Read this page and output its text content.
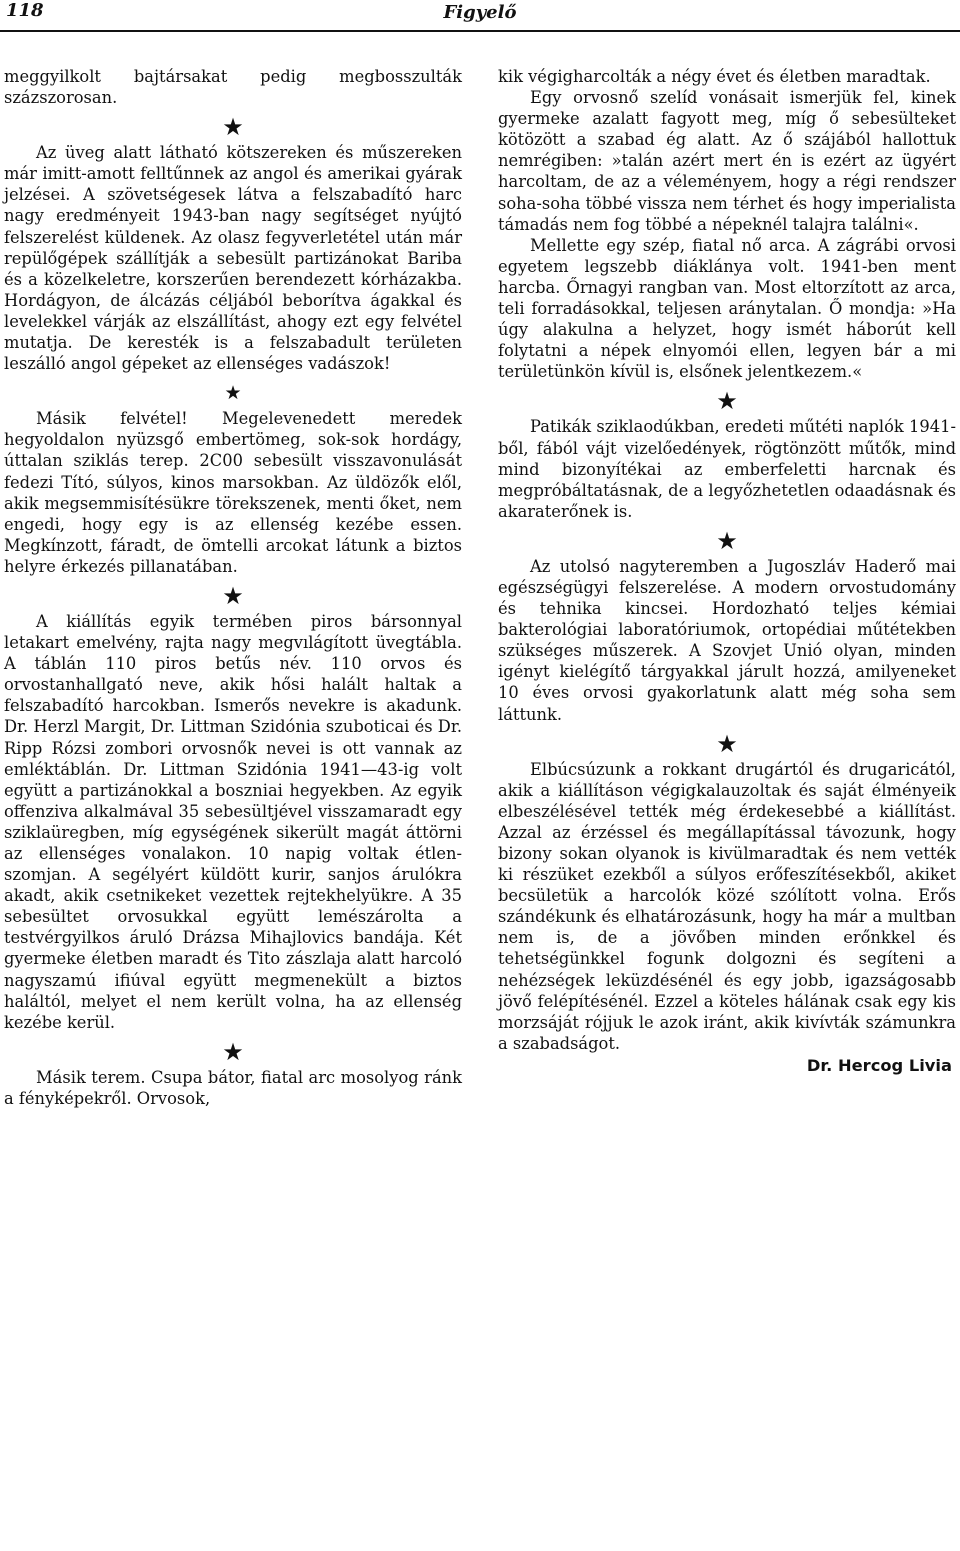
118	Figyelő

meggyilkolt bajtársakat pedig megbosszulták százszorosan.

★

Az üveg alatt látható kötszereken és műszereken már imitt-amott felltűnnek az angol és amerikai gyárak jelzései. A szövetségesek látva a felszabadító harc nagy eredményeit 1943-ban nagy segítséget nyújtó felszerelést küldenek. Az olasz fegyverletétel után már repülőgépek szállítják a sebesült partizánokat Bariba és a közelkeletre, korszerűen berendezett kórházakba. Hordágyon, de álcázás céljából beborítva ágakkal és levelekkel várják az elszállítást, ahogy ezt egy felvétel mutatja. De keresték is a felszabadult területen leszálló angol gépeket az ellenséges vadászok!

★

Másik felvétel! Megelevenedett meredek hegyoldalon nyüzsgő embertömeg, sok-sok hordágy, úttalan sziklás terep. 2C00 sebesült visszavonulását fedezi Tító, súlyos, kinos marsokban. Az üldözők elől, akik megsemmisítésükre törekszenek, menti őket, nem engedi, hogy egy is az ellenség kezébe essen. Megkínzott, fáradt, de ömtelli arcokat látunk a biztos helyre érkezés pillanatában.

★

A kiállítás egyik termében piros bársonnyal letakart emelvény, rajta nagy megvılágított üvegtábla. A táblán 110 piros betűs név. 110 orvos és orvostanhallgató neve, akik hősi halált haltak a felszabadító harcokban. Ismerős nevekre is akadunk. Dr. Herzl Margit, Dr. Littman Szidónia szuboticai és Dr. Ripp Rózsi zombori orvosnők nevei is ott vannak az emléktáblán. Dr. Littman Szidónia 1941—43-ig volt együtt a partizánokkal a boszniai hegyekben. Az egyik offenziva alkalmával 35 sebesültjével visszamaradt egy sziklaüregben, míg egységének sikerült magát áttörni az ellenséges vonalakon. 10 napig voltak étlen-szomjan. A segélyért küldött kurir, sanjos árulókra akadt, akik csetnikeket vezettek rejtekhelyükre. A 35 sebesültet orvosukkal együtt lemészárolta a testvérgyilkos áruló Drázsa Mihajlovics bandája. Két gyermeke életben maradt és Tito zászlaja alatt harcoló nagyszamú ifiúval együtt megmenekült a biztos haláltól, melyet el nem került volna, ha az ellenség kezébe kerül.

★

Másik terem. Csupa bátor, fiatal arc mosolyog ránk a fényképekről. Orvosok,

kik végigharcolták a négy évet és életben maradtak.

Egy orvosnő szelíd vonásait ismerjük fel, kinek gyermeke azalatt fagyott meg, míg ő sebesülteket kötözött a szabad ég alatt. Az ő szájából hallottuk nemrégiben: »talán azért mert én is ezért az ügyért harcoltam, de az a véleményem, hogy a régi rendszer soha-soha többé vissza nem térhet és hogy imperialista támadás nem fog többé a népeknél talajra találni«.

Mellette egy szép, fiatal nő arca. A zágrábi orvosi egyetem legszebb diáklánya volt. 1941-ben ment harcba. Őrnagyi rangban van. Most eltorzított az arca, teli forradásokkal, teljesen aránytalan. Ő mondja: »Ha úgy alakulna a helyzet, hogy ismét háborút kell folytatni a népek elnyomói ellen, legyen bár a mi területünkön kívül is, elsőnek jelentkezem.«

★

Patikák sziklaodúkban, eredeti műtéti naplók 1941-ből, fából vájt vizelőedények, rögtönzött műtők, mind mind bizonyítékai az emberfeletti harcnak és megpróbáltatásnak, de a legyőzhetetlen odaadásnak és akaraterőnek is.

★

Az utolsó nagyteremben a Jugoszláv Haderő mai egészségügyi felszerelése. A modern orvostudomány és tehnika kincsei. Hordozható teljes kémiai bakterológiai laboratóriumok, ortopédiai műtétekben szükséges műszerek. A Szovjet Unió olyan, minden igényt kielégítő tárgyakkal járult hozzá, amilyeneket 10 éves orvosi gyakorlatunk alatt még soha sem láttunk.

★

Elbúcsúzunk a rokkant drugártól és drugaricától, akik a kiállításon végigkalauzoltak és saját élményeik elbeszélésével tették még érdekesebbé a kiállítást. Azzal az érzéssel és megállapítással távozunk, hogy bizony sokan olyanok is kivülmaradtak és nem vették ki részüket ezekből a súlyos erőfeszítésekből, akiket becsületük a harcolók közé szólított volna. Erős szándékunk és elhatározásunk, hogy ha már a multban nem is, de a jövőben minden erőnkkel és tehetségünkkel fogunk dolgozni és segíteni a nehézségek leküzdésénél és egy jobb, igazságosabb jövő felépítésénél. Ezzel a köteles hálának csak egy kis morzsáját rójjuk le azok iránt, akik kivívták számunkra a szabadságot.

Dr. Hercog Livia
